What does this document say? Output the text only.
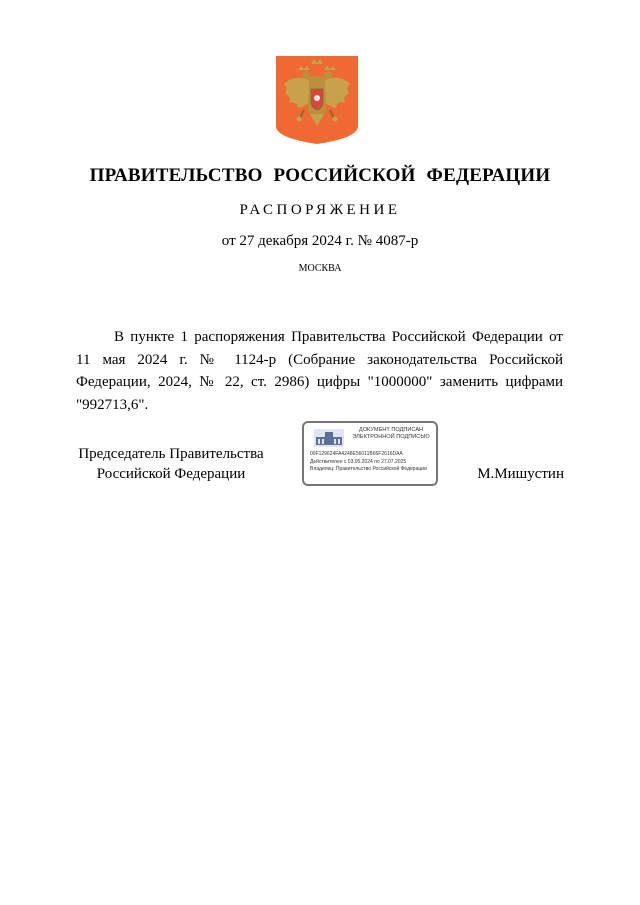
ПРАВИТЕЛЬСТВО РОССИЙСКОЙ ФЕДЕРАЦИИ
РАСПОРЯЖЕНИЕ
от 27 декабря 2024 г. № 4087-р
МОСКВА
В пункте 1 распоряжения Правительства Российской Федерации от 11 мая 2024 г. № 1124-р (Собрание законодательства Российской Федерации, 2024, № 22, ст. 2986) цифры "1000000" заменить цифрами "992713,6".
Председатель Правительства
Российской Федерации
ДОКУМЕНТ ПОДПИСАН
ЭЛЕКТРОННОЙ ПОДПИСЬЮ
00F129624FA4248E56011B66F2616DAA
Действителен с 03.05.2024 по 27.07.2025
Владелец: Правительство Российской Федерации	М.Мишустин
